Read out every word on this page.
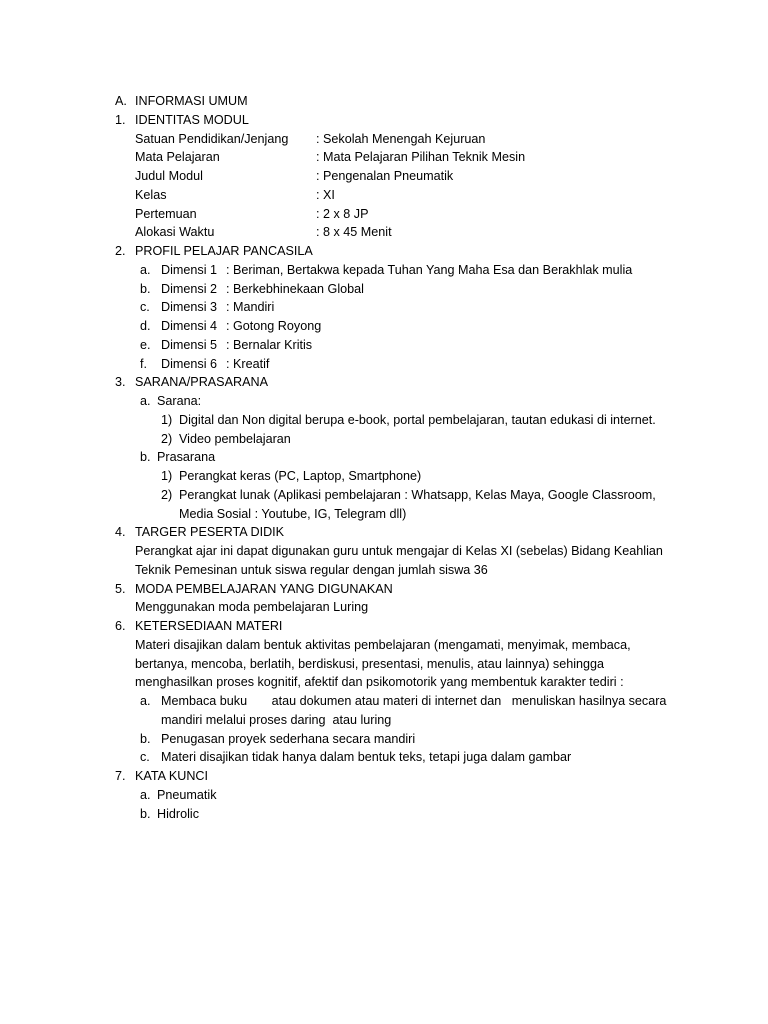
A. INFORMASI UMUM
1. IDENTITAS MODUL
Satuan Pendidikan/Jenjang : Sekolah Menengah Kejuruan
Mata Pelajaran	: Mata Pelajaran Pilihan Teknik Mesin
Judul Modul	: Pengenalan Pneumatik
Kelas	: XI
Pertemuan	: 2 x 8 JP
Alokasi Waktu	: 8 x 45 Menit
2. PROFIL PELAJAR PANCASILA
a. Dimensi 1 : Beriman, Bertakwa kepada Tuhan Yang Maha Esa dan Berakhlak mulia
b. Dimensi 2 : Berkebhinekaan Global
c. Dimensi 3 : Mandiri
d. Dimensi 4 : Gotong Royong
e. Dimensi 5 : Bernalar Kritis
f. Dimensi 6 : Kreatif
3. SARANA/PRASARANA
a. Sarana:
1) Digital dan Non digital berupa e-book, portal pembelajaran, tautan edukasi di internet.
2) Video pembelajaran
b. Prasarana
1) Perangkat keras (PC, Laptop, Smartphone)
2) Perangkat lunak (Aplikasi pembelajaran : Whatsapp, Kelas Maya, Google Classroom,
Media Sosial : Youtube, IG, Telegram dll)
4. TARGER PESERTA DIDIK
Perangkat ajar ini dapat digunakan guru untuk mengajar di Kelas XI (sebelas) Bidang Keahlian
Teknik Pemesinan untuk siswa regular dengan jumlah siswa 36
5. MODA PEMBELAJARAN YANG DIGUNAKAN
Menggunakan moda pembelajaran Luring
6. KETERSEDIAAN MATERI
Materi disajikan dalam bentuk aktivitas pembelajaran (mengamati, menyimak, membaca,
bertanya, mencoba, berlatih, berdiskusi, presentasi, menulis, atau lainnya) sehingga
menghasilkan proses kognitif, afektif dan psikomotorik yang membentuk karakter tediri :
a. Membaca buku       atau dokumen atau materi di internet dan   menuliskan hasilnya secara
mandiri melalui proses daring  atau luring
b. Penugasan proyek sederhana secara mandiri
c. Materi disajikan tidak hanya dalam bentuk teks, tetapi juga dalam gambar
7. KATA KUNCI
a. Pneumatik
b. Hidrolic
